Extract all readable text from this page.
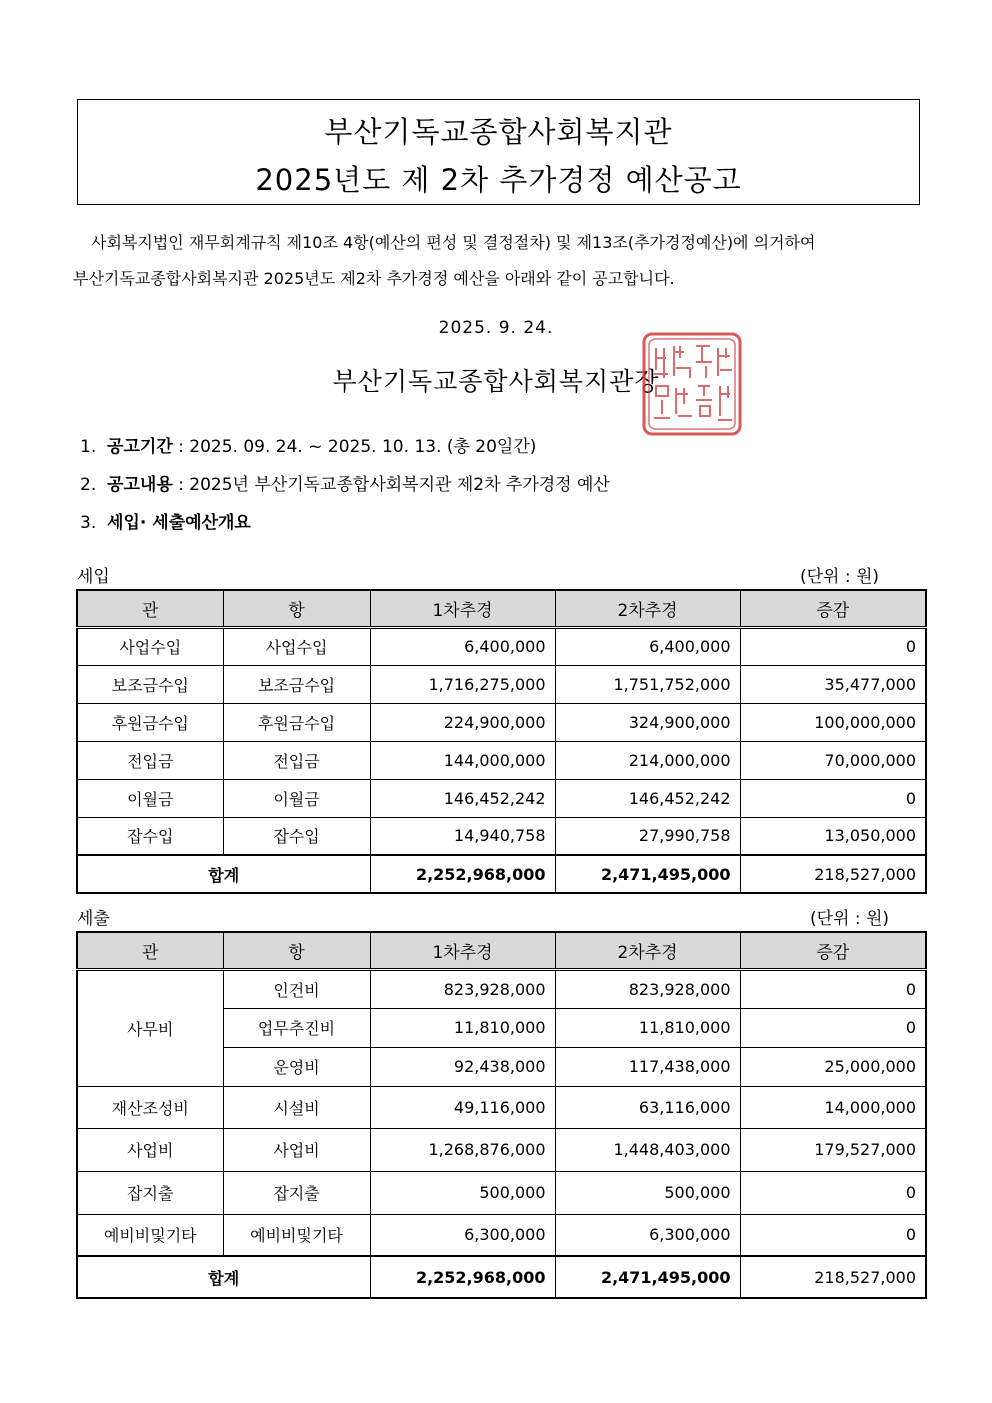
부산기독교종합사회복지관
2025년도 제 2차 추가경정 예산공고
사회복지법인 재무회계규칙 제10조 4항(예산의 편성 및 결정절차) 및 제13조(추가경정예산)에 의거하여
부산기독교종합사회복지관 2025년도 제2차 추가경정 예산을 아래와 같이 공고합니다.
2025. 9. 24.
부산기독교종합사회복지관장
1. 공고기간 : 2025. 09. 24. ~ 2025. 10. 13. (총 20일간)
2. 공고내용 : 2025년 부산기독교종합사회복지관 제2차 추가경정 예산
3. 세입· 세출예산개요
세입	(단위 : 원)
관	항	1차추경	2차추경	증감
사업수입	사업수입	6,400,000	6,400,000	0
보조금수입	보조금수입	1,716,275,000	1,751,752,000	35,477,000
후원금수입	후원금수입	224,900,000	324,900,000	100,000,000
전입금	전입금	144,000,000	214,000,000	70,000,000
이월금	이월금	146,452,242	146,452,242	0
잡수입	잡수입	14,940,758	27,990,758	13,050,000
합계		2,252,968,000	2,471,495,000	218,527,000
세출	(단위 : 원)
관	항	1차추경	2차추경	증감
사무비	인건비	823,928,000	823,928,000	0
	업무추진비	11,810,000	11,810,000	0
	운영비	92,438,000	117,438,000	25,000,000
재산조성비	시설비	49,116,000	63,116,000	14,000,000
사업비	사업비	1,268,876,000	1,448,403,000	179,527,000
잡지출	잡지출	500,000	500,000	0
예비비및기타	예비비및기타	6,300,000	6,300,000	0
합계		2,252,968,000	2,471,495,000	218,527,000
